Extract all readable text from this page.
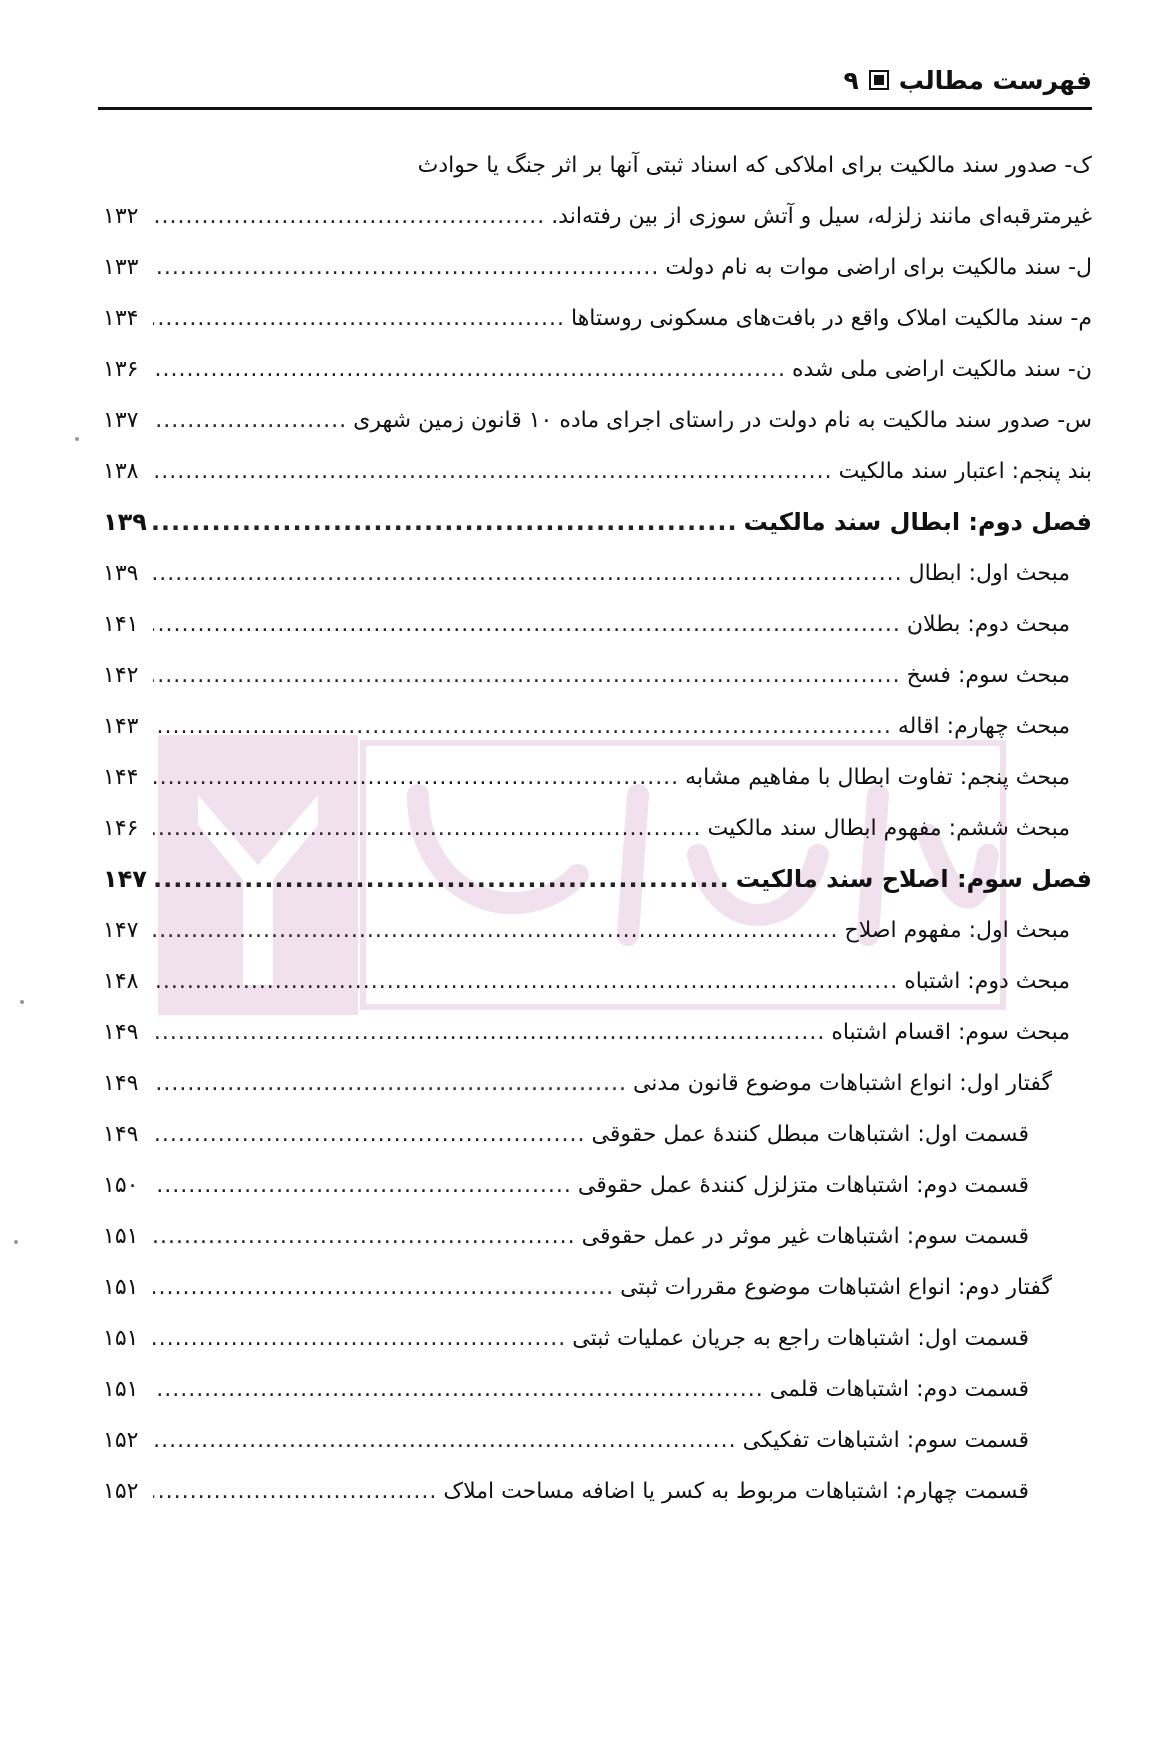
فهرست مطالب
۹
ک- صدور سند مالکیت برای املاکی که اسناد ثبتی آنها بر اثر جنگ یا حوادث
غیرمترقبه‌ای مانند زلزله، سیل و آتش سوزی از بین رفته‌اند.
.....
۱۳۲
ل- سند مالکیت برای اراضی موات به نام دولت
.....
۱۳۳
م- سند مالکیت املاک واقع در بافت‌های مسکونی روستاها
.....
۱۳۴
ن- سند مالکیت اراضی ملی شده
.....
۱۳۶
س- صدور سند مالکیت به نام دولت در راستای اجرای ماده ۱۰ قانون زمین شهری
.....
۱۳۷
بند پنجم: اعتبار سند مالکیت
.....
۱۳۸
فصل دوم: ابطال سند مالکیت
.....
۱۳۹
مبحث اول: ابطال
.....
۱۳۹
مبحث دوم: بطلان
.....
۱۴۱
مبحث سوم: فسخ
.....
۱۴۲
مبحث چهارم: اقاله
.....
۱۴۳
مبحث پنجم: تفاوت ابطال با مفاهیم مشابه
.....
۱۴۴
مبحث ششم: مفهوم ابطال سند مالکیت
.....
۱۴۶
فصل سوم: اصلاح سند مالکیت
.....
۱۴۷
مبحث اول: مفهوم اصلاح
.....
۱۴۷
مبحث دوم: اشتباه
.....
۱۴۸
مبحث سوم: اقسام اشتباه
.....
۱۴۹
گفتار اول: انواع اشتباهات موضوع قانون مدنی
.....
۱۴۹
قسمت اول: اشتباهات مبطل کنندهٔ عمل حقوقی
.....
۱۴۹
قسمت دوم: اشتباهات متزلزل کنندهٔ عمل حقوقی
.....
۱۵۰
قسمت سوم: اشتباهات غیر موثر در عمل حقوقی
.....
۱۵۱
گفتار دوم: انواع اشتباهات موضوع مقررات ثبتی
.....
۱۵۱
قسمت اول: اشتباهات راجع به جریان عملیات ثبتی
.....
۱۵۱
قسمت دوم: اشتباهات قلمی
.....
۱۵۱
قسمت سوم: اشتباهات تفکیکی
.....
۱۵۲
قسمت چهارم: اشتباهات مربوط به کسر یا اضافه مساحت املاک
.....
۱۵۲
